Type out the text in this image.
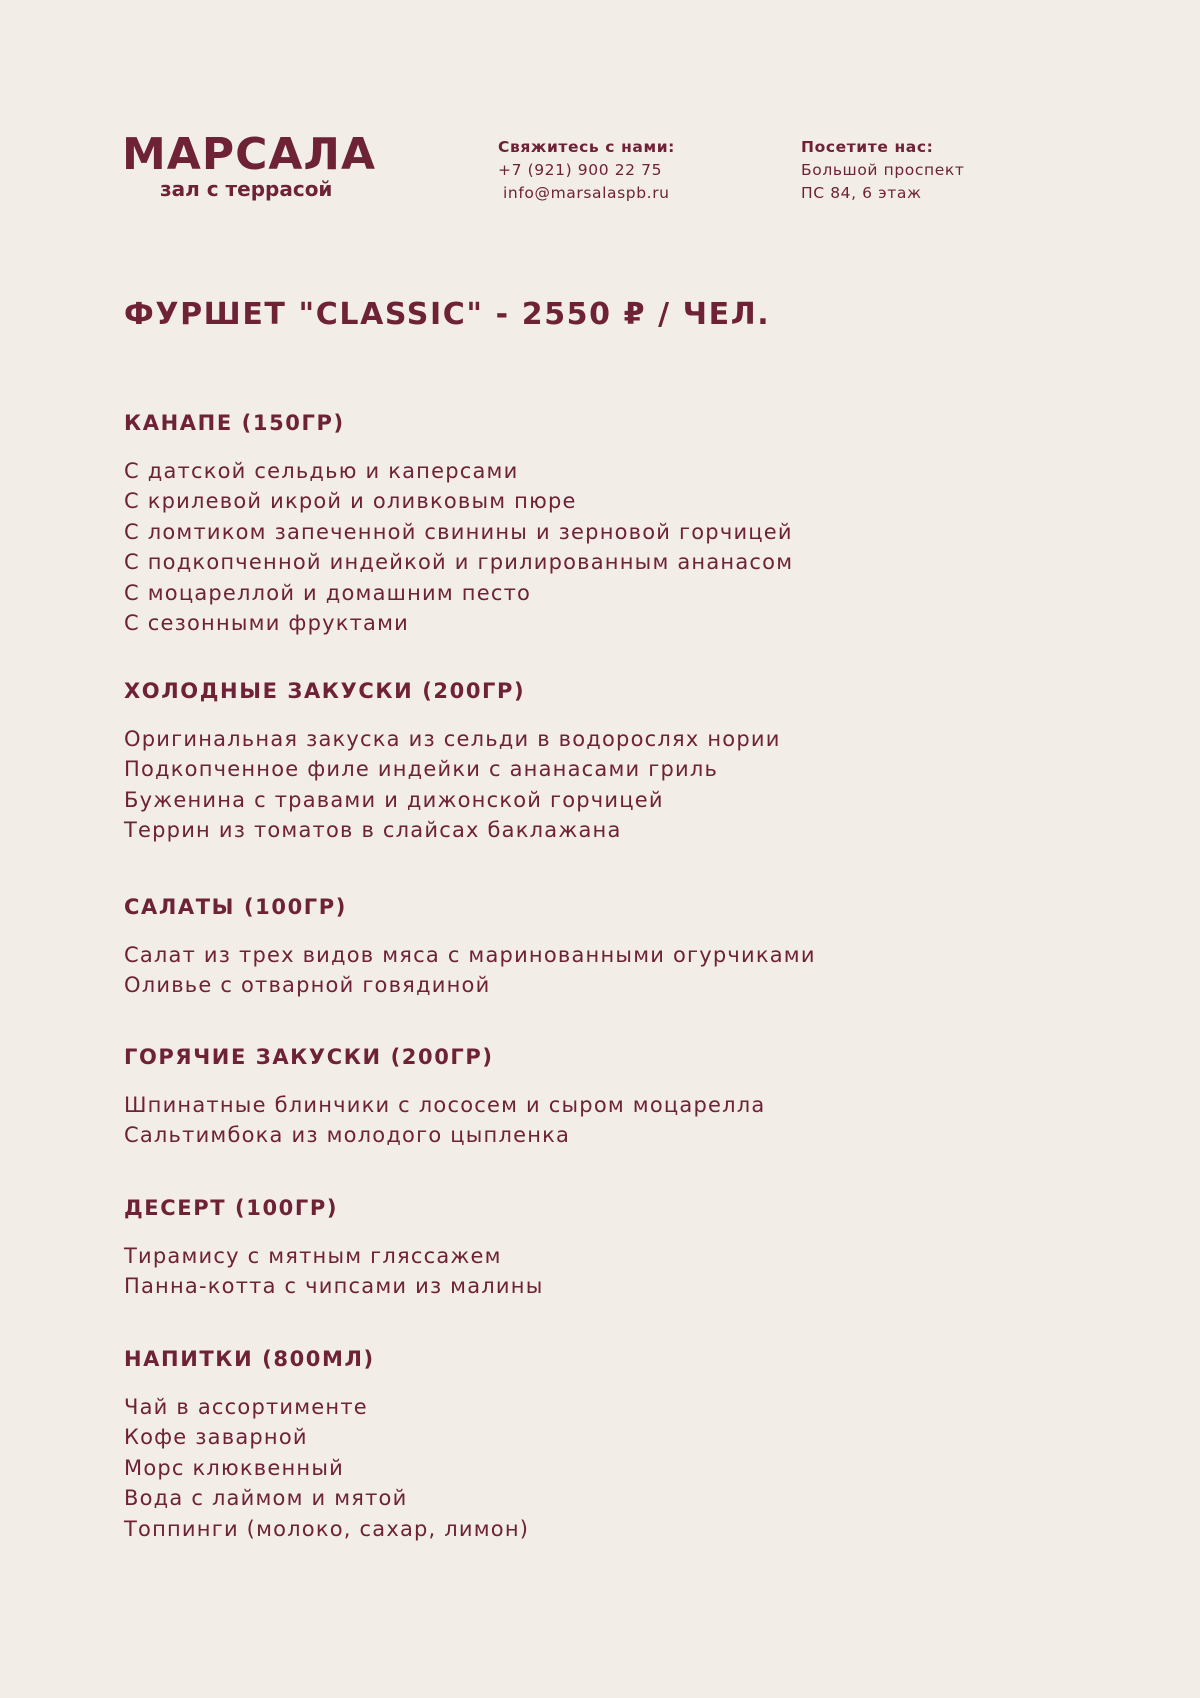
МАРСАЛА
зал с террасой
Свяжитесь с нами:
+7 (921) 900 22 75
info@marsalaspb.ru
Посетите нас:
Большой проспект
ПС 84, 6 этаж
ФУРШЕТ "CLASSIC" - 2550 ₽ / ЧЕЛ.
КАНАПЕ (150ГР)
С датской сельдью и каперсами
С крилевой икрой и оливковым пюре
С ломтиком запеченной свинины и зерновой горчицей
С подкопченной индейкой и грилированным ананасом
С моцареллой и домашним песто
С сезонными фруктами
ХОЛОДНЫЕ ЗАКУСКИ (200ГР)
Оригинальная закуска из сельди в водорослях нории
Подкопченное филе индейки с ананасами гриль
Буженина с травами и дижонской горчицей
Террин из томатов в слайсах баклажана
САЛАТЫ (100ГР)
Салат из трех видов мяса с маринованными огурчиками
Оливье с отварной говядиной
ГОРЯЧИЕ ЗАКУСКИ (200ГР)
Шпинатные блинчики с лососем и сыром моцарелла
Сальтимбока из молодого цыпленка
ДЕСЕРТ (100ГР)
Тирамису с мятным гляссажем
Панна-котта с чипсами из малины
НАПИТКИ (800МЛ)
Чай в ассортименте
Кофе заварной
Морс клюквенный
Вода с лаймом и мятой
Топпинги (молоко, сахар, лимон)
